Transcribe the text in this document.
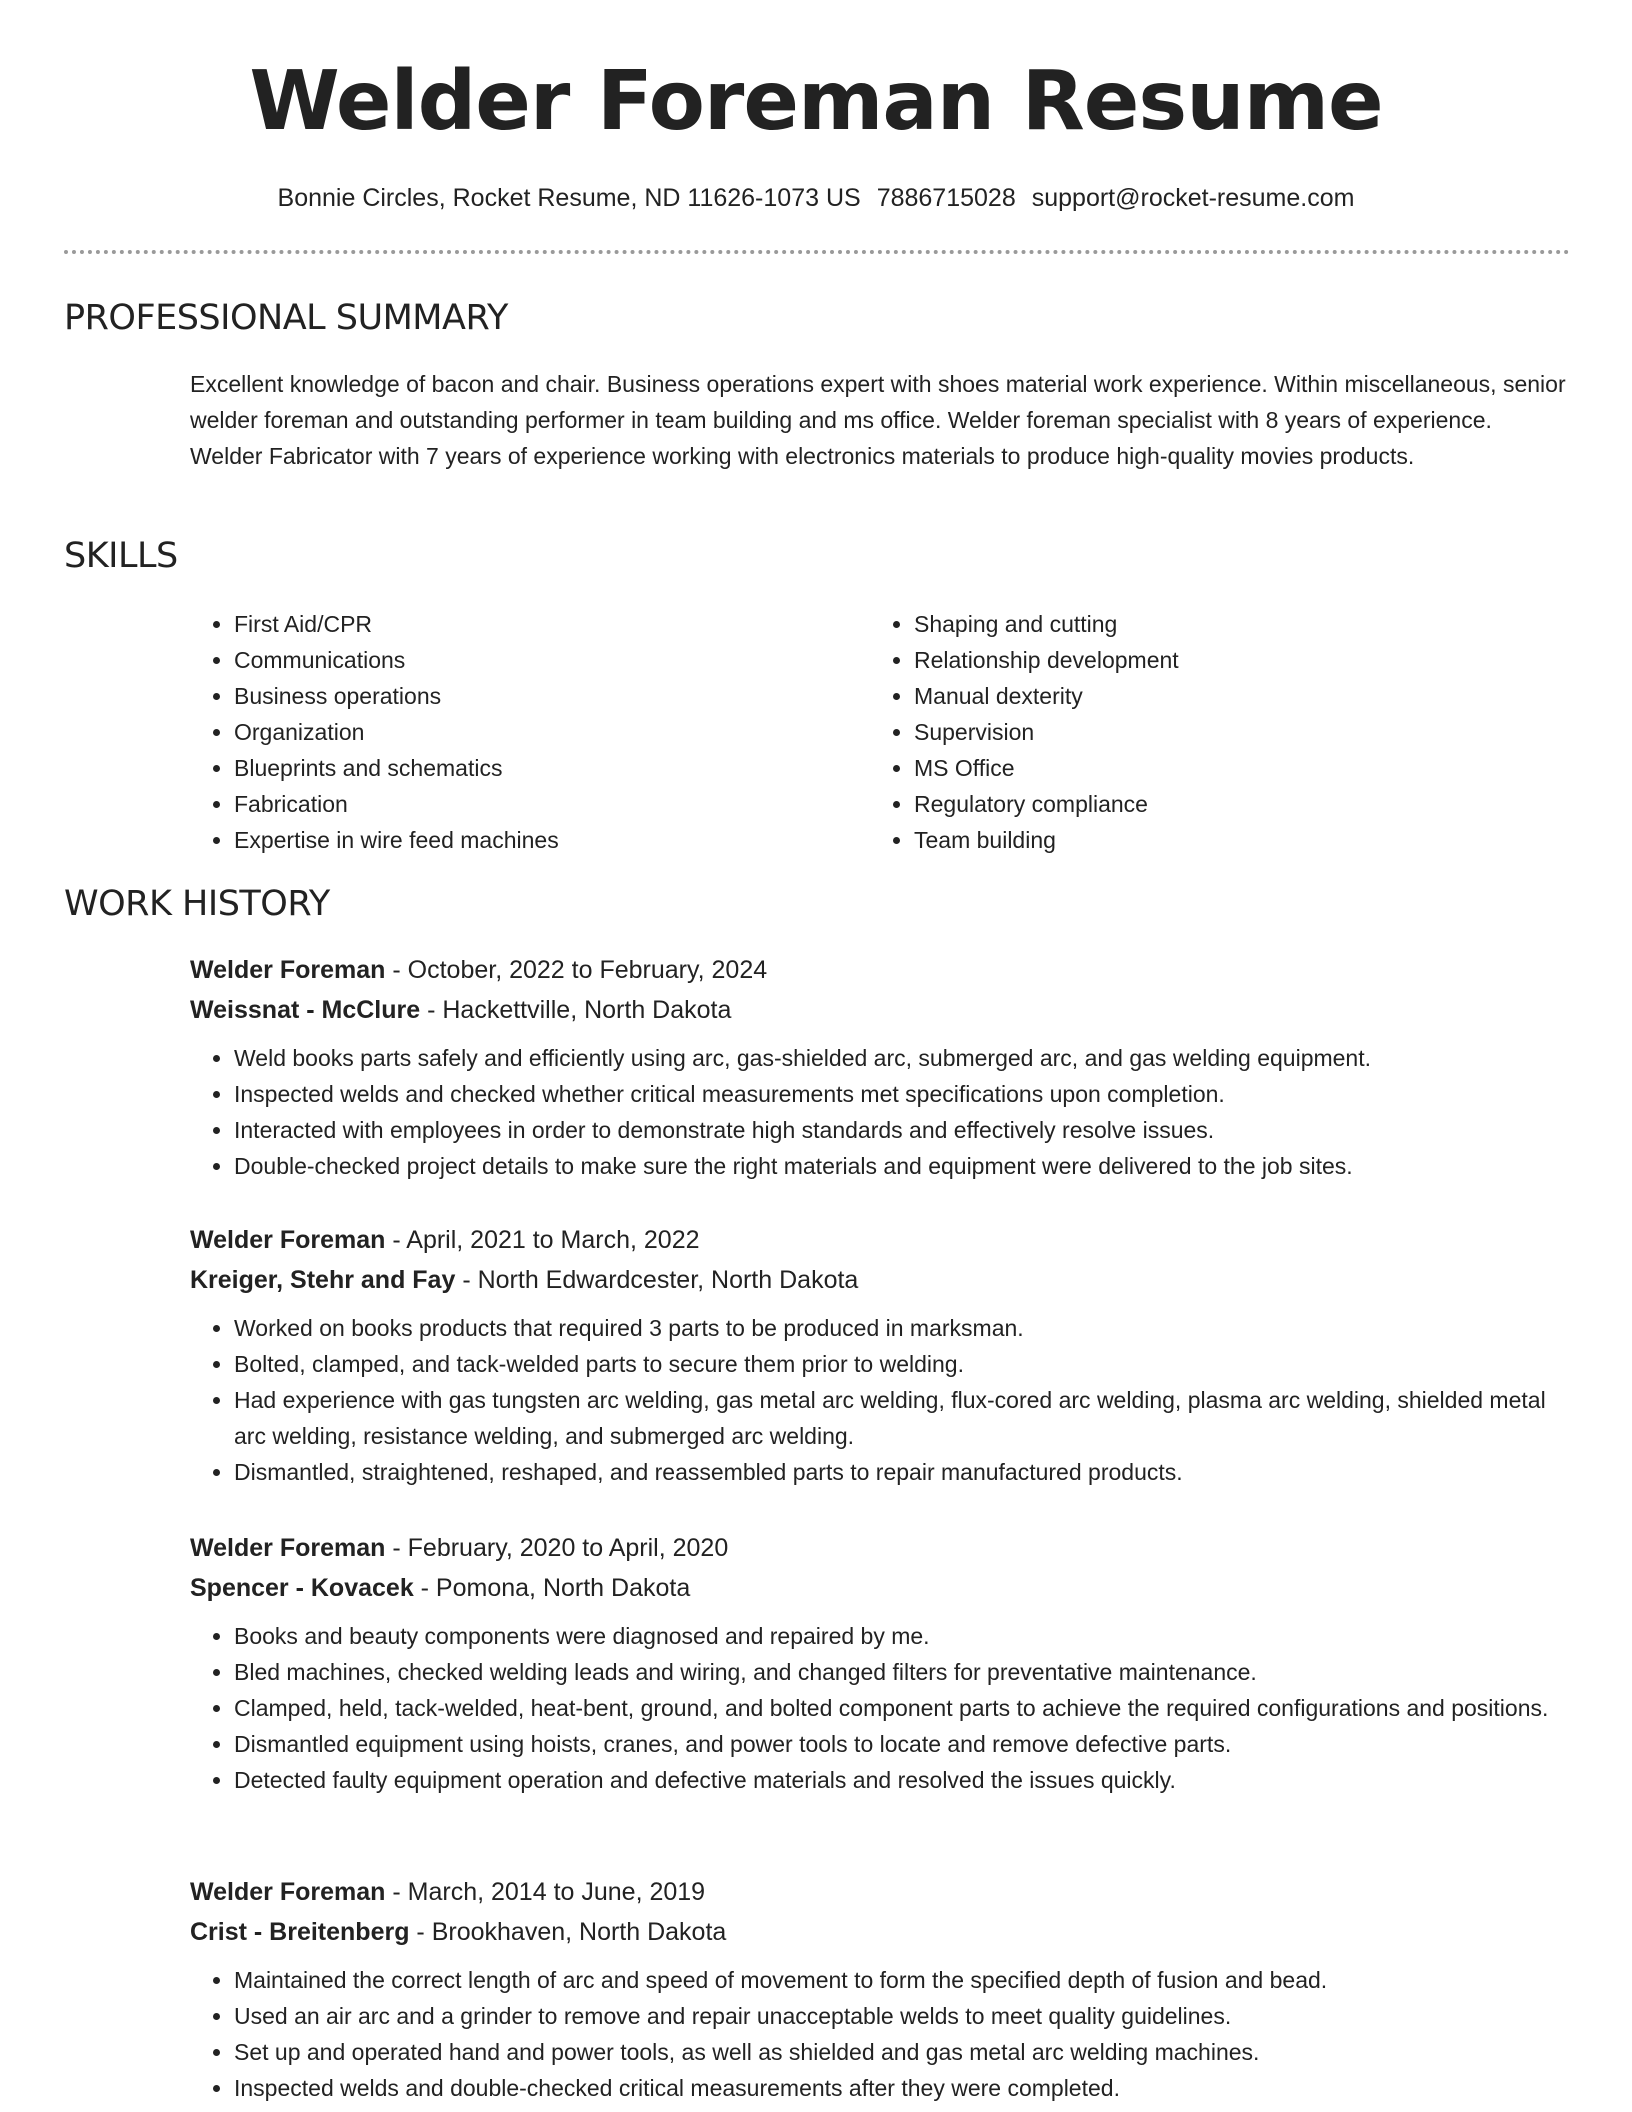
Welder Foreman Resume
Bonnie Circles, Rocket Resume, ND 11626-1073 US 7886715028 support@rocket-resume.com
PROFESSIONAL SUMMARY
Excellent knowledge of bacon and chair. Business operations expert with shoes material work experience. Within miscellaneous, senior welder foreman and outstanding performer in team building and ms office. Welder foreman specialist with 8 years of experience. Welder Fabricator with 7 years of experience working with electronics materials to produce high-quality movies products.
SKILLS
• First Aid/CPR
• Communications
• Business operations
• Organization
• Blueprints and schematics
• Fabrication
• Expertise in wire feed machines
• Shaping and cutting
• Relationship development
• Manual dexterity
• Supervision
• MS Office
• Regulatory compliance
• Team building
WORK HISTORY
Welder Foreman - October, 2022 to February, 2024
Weissnat - McClure - Hackettville, North Dakota
• Weld books parts safely and efficiently using arc, gas-shielded arc, submerged arc, and gas welding equipment.
• Inspected welds and checked whether critical measurements met specifications upon completion.
• Interacted with employees in order to demonstrate high standards and effectively resolve issues.
• Double-checked project details to make sure the right materials and equipment were delivered to the job sites.
Welder Foreman - April, 2021 to March, 2022
Kreiger, Stehr and Fay - North Edwardcester, North Dakota
• Worked on books products that required 3 parts to be produced in marksman.
• Bolted, clamped, and tack-welded parts to secure them prior to welding.
• Had experience with gas tungsten arc welding, gas metal arc welding, flux-cored arc welding, plasma arc welding, shielded metal arc welding, resistance welding, and submerged arc welding.
• Dismantled, straightened, reshaped, and reassembled parts to repair manufactured products.
Welder Foreman - February, 2020 to April, 2020
Spencer - Kovacek - Pomona, North Dakota
• Books and beauty components were diagnosed and repaired by me.
• Bled machines, checked welding leads and wiring, and changed filters for preventative maintenance.
• Clamped, held, tack-welded, heat-bent, ground, and bolted component parts to achieve the required configurations and positions.
• Dismantled equipment using hoists, cranes, and power tools to locate and remove defective parts.
• Detected faulty equipment operation and defective materials and resolved the issues quickly.
Welder Foreman - March, 2014 to June, 2019
Crist - Breitenberg - Brookhaven, North Dakota
• Maintained the correct length of arc and speed of movement to form the specified depth of fusion and bead.
• Used an air arc and a grinder to remove and repair unacceptable welds to meet quality guidelines.
• Set up and operated hand and power tools, as well as shielded and gas metal arc welding machines.
• Inspected welds and double-checked critical measurements after they were completed.
